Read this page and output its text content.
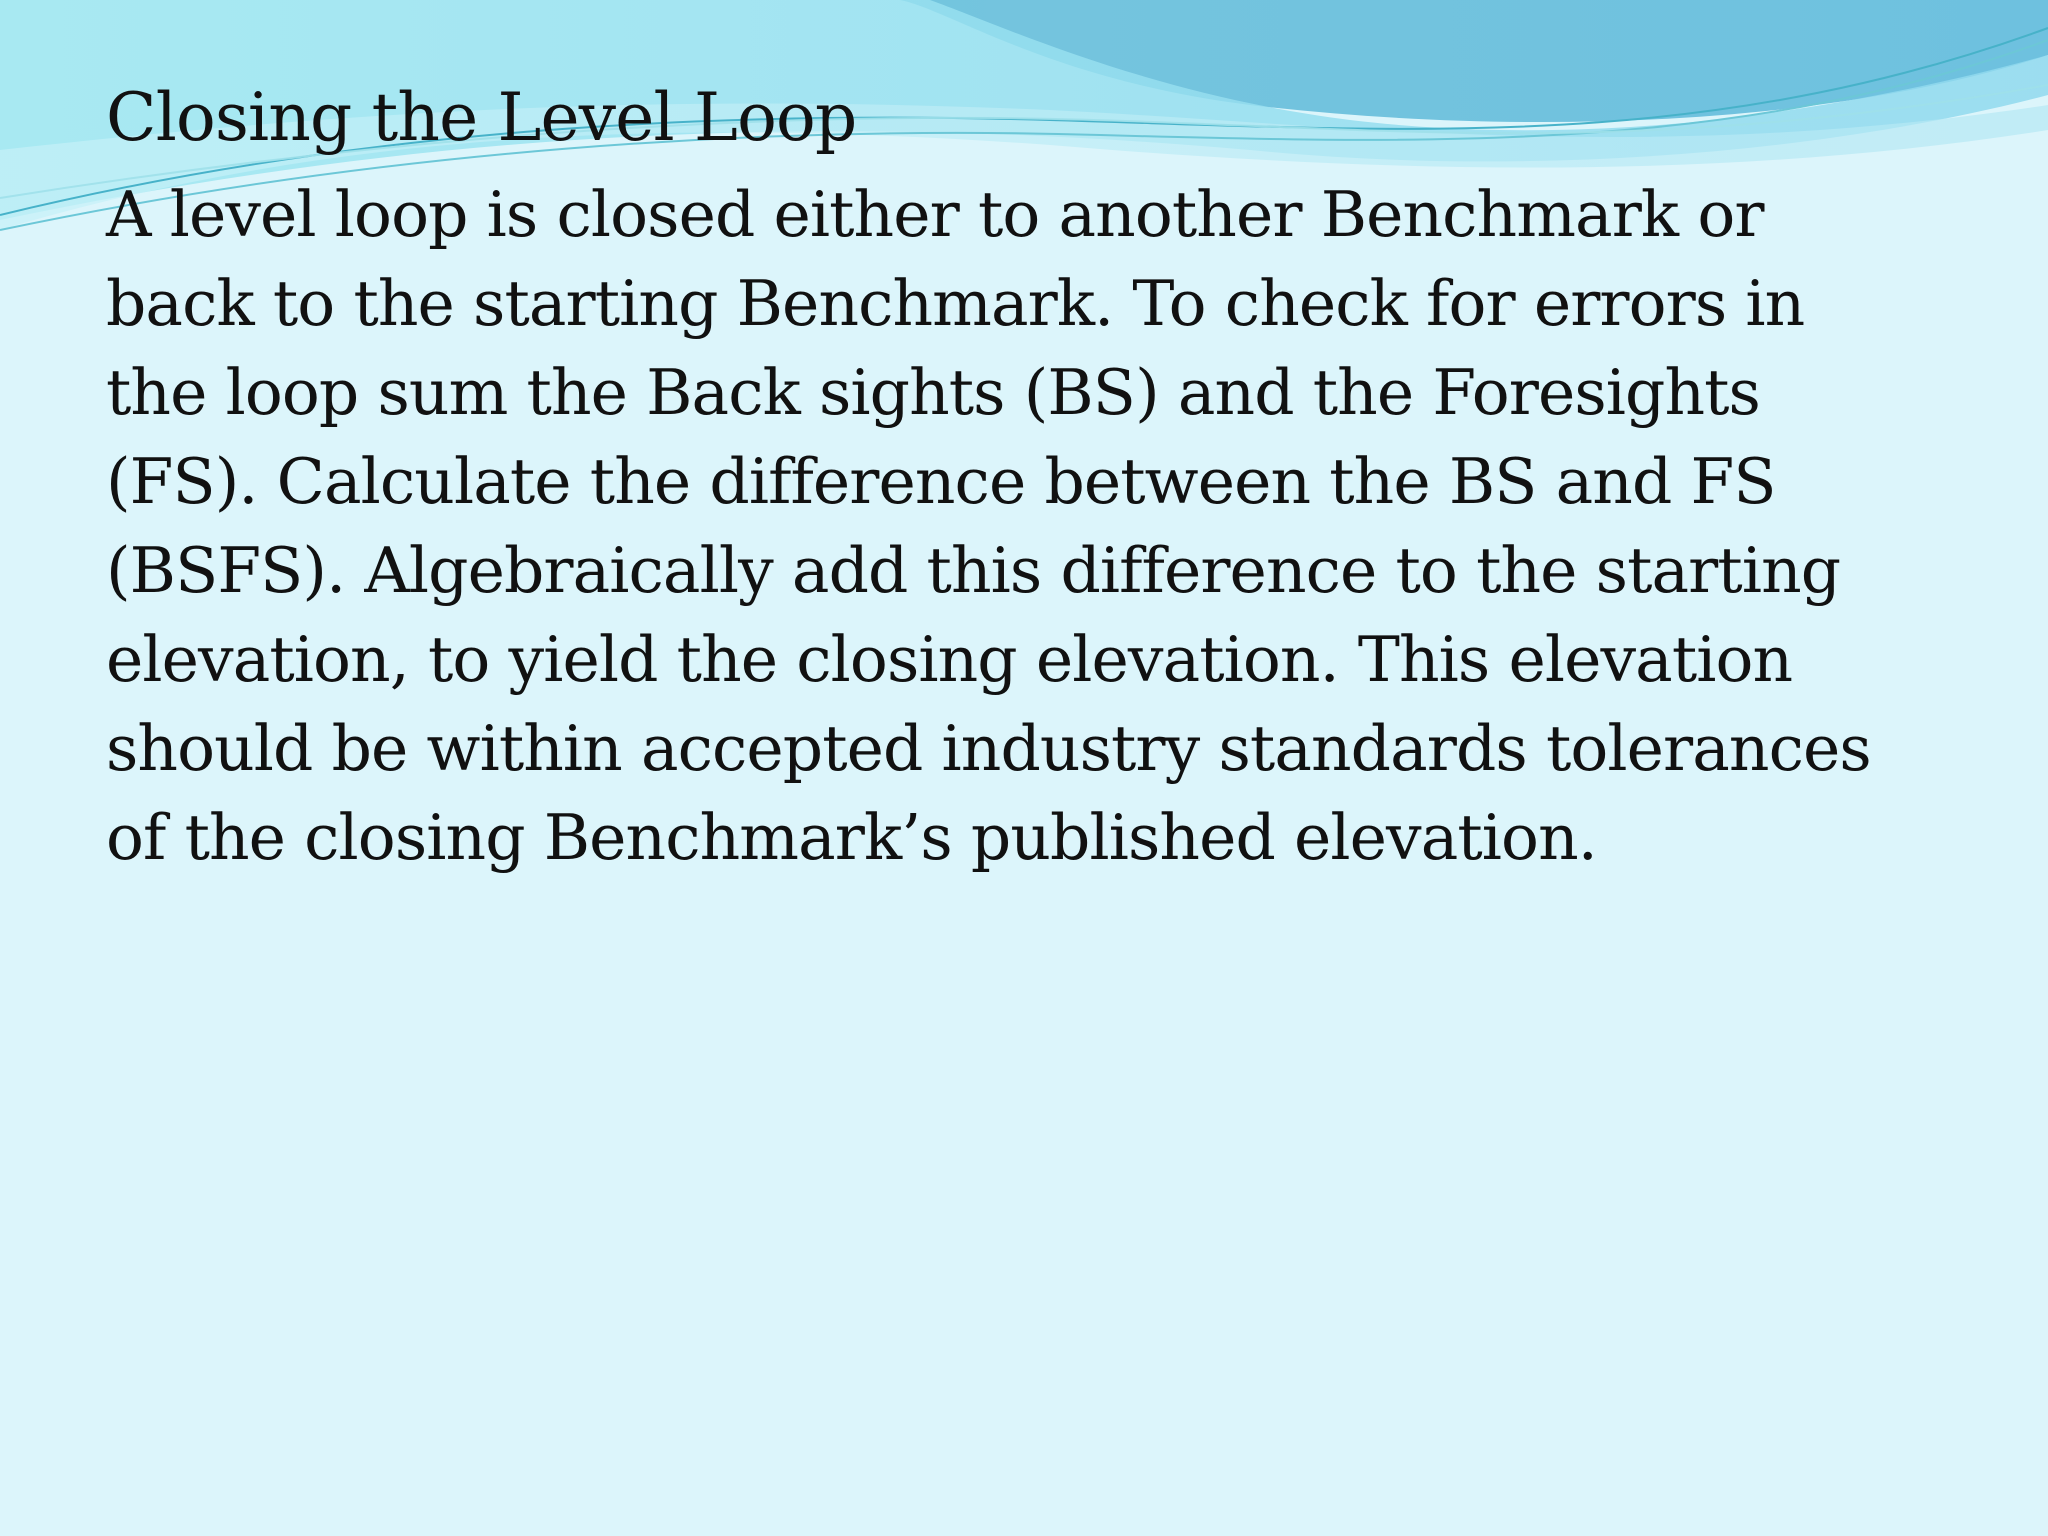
Closing the Level Loop

A level loop is closed either to another Benchmark or

back to the starting Benchmark. To check for errors in

the loop sum the Back sights (BS) and the Foresights

(FS). Calculate the difference between the BS and FS

(BSFS). Algebraically add this difference to the starting

elevation, to yield the closing elevation. This elevation

should be within accepted industry standards tolerances

of the closing Benchmark’s published elevation.
